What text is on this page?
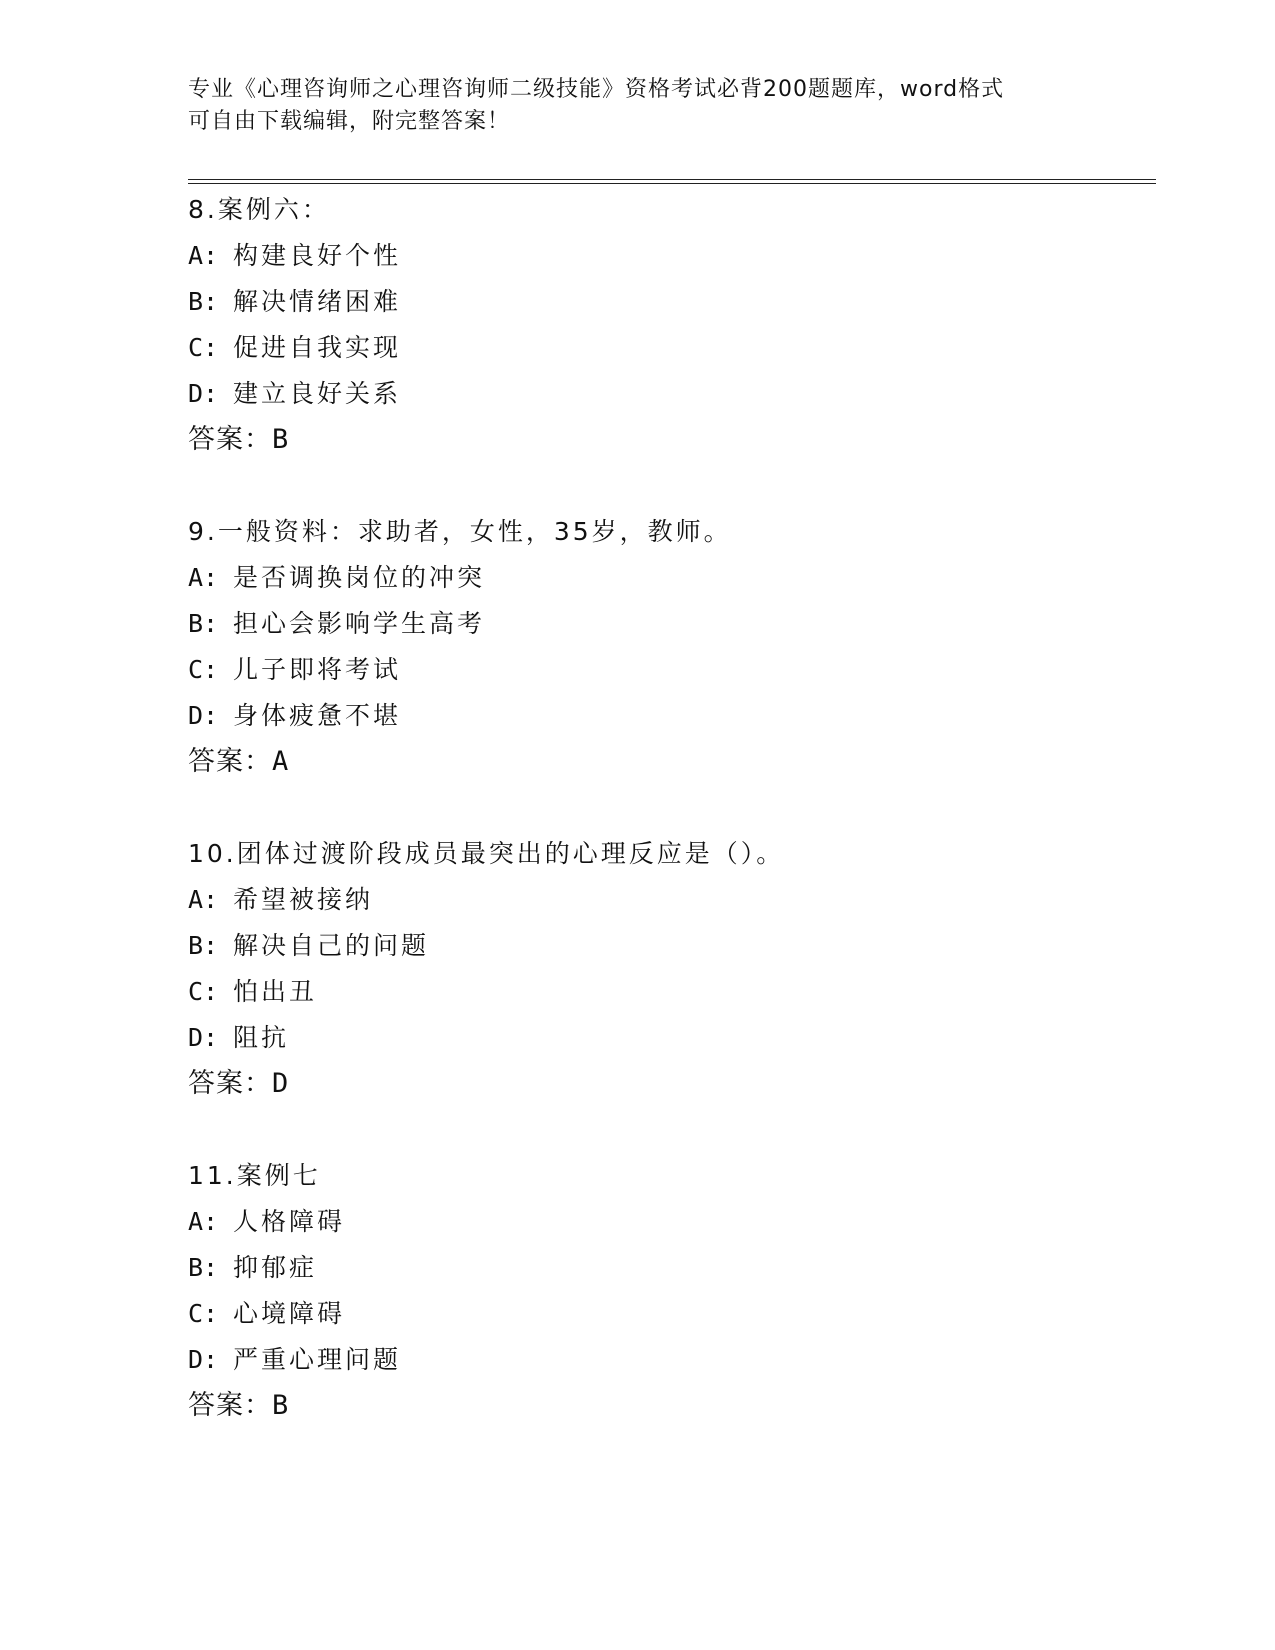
专业《心理咨询师之心理咨询师二级技能》资格考试必背200题题库，word格式
可自由下载编辑，附完整答案！
8.案例六：
A: 构建良好个性
B: 解决情绪困难
C: 促进自我实现
D: 建立良好关系
答案：B
9.一般资料：求助者，女性，35岁，教师。
A: 是否调换岗位的冲突
B: 担心会影响学生高考
C: 儿子即将考试
D: 身体疲惫不堪
答案：A
10.团体过渡阶段成员最突出的心理反应是（）。
A: 希望被接纳
B: 解决自己的问题
C: 怕出丑
D: 阻抗
答案：D
11.案例七
A: 人格障碍
B: 抑郁症
C: 心境障碍
D: 严重心理问题
答案：B
